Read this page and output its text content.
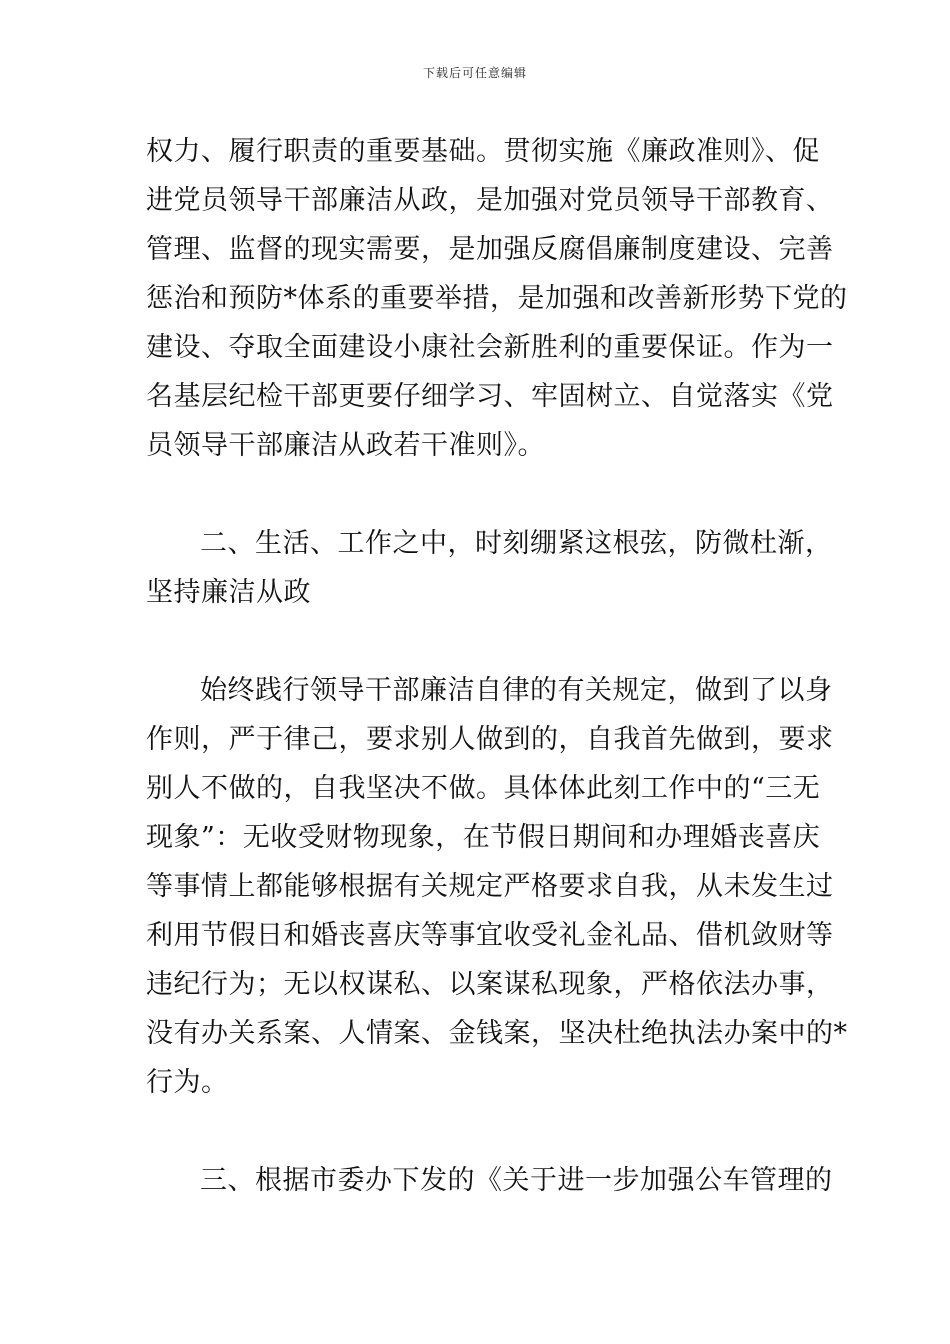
下载后可任意编辑

权力、履行职责的重要基础。贯彻实施《廉政准则》、促
进党员领导干部廉洁从政，是加强对党员领导干部教育、
管理、监督的现实需要，是加强反腐倡廉制度建设、完善
惩治和预防*体系的重要举措，是加强和改善新形势下党的
建设、夺取全面建设小康社会新胜利的重要保证。作为一
名基层纪检干部更要仔细学习、牢固树立、自觉落实《党
员领导干部廉洁从政若干准则》。

二、生活、工作之中，时刻绷紧这根弦，防微杜渐，
坚持廉洁从政

始终践行领导干部廉洁自律的有关规定，做到了以身
作则，严于律己，要求别人做到的，自我首先做到，要求
别人不做的，自我坚决不做。具体体此刻工作中的“三无
现象”：无收受财物现象，在节假日期间和办理婚丧喜庆
等事情上都能够根据有关规定严格要求自我，从未发生过
利用节假日和婚丧喜庆等事宜收受礼金礼品、借机敛财等
违纪行为；无以权谋私、以案谋私现象，严格依法办事，
没有办关系案、人情案、金钱案，坚决杜绝执法办案中的*
行为。

三、根据市委办下发的《关于进一步加强公车管理的
